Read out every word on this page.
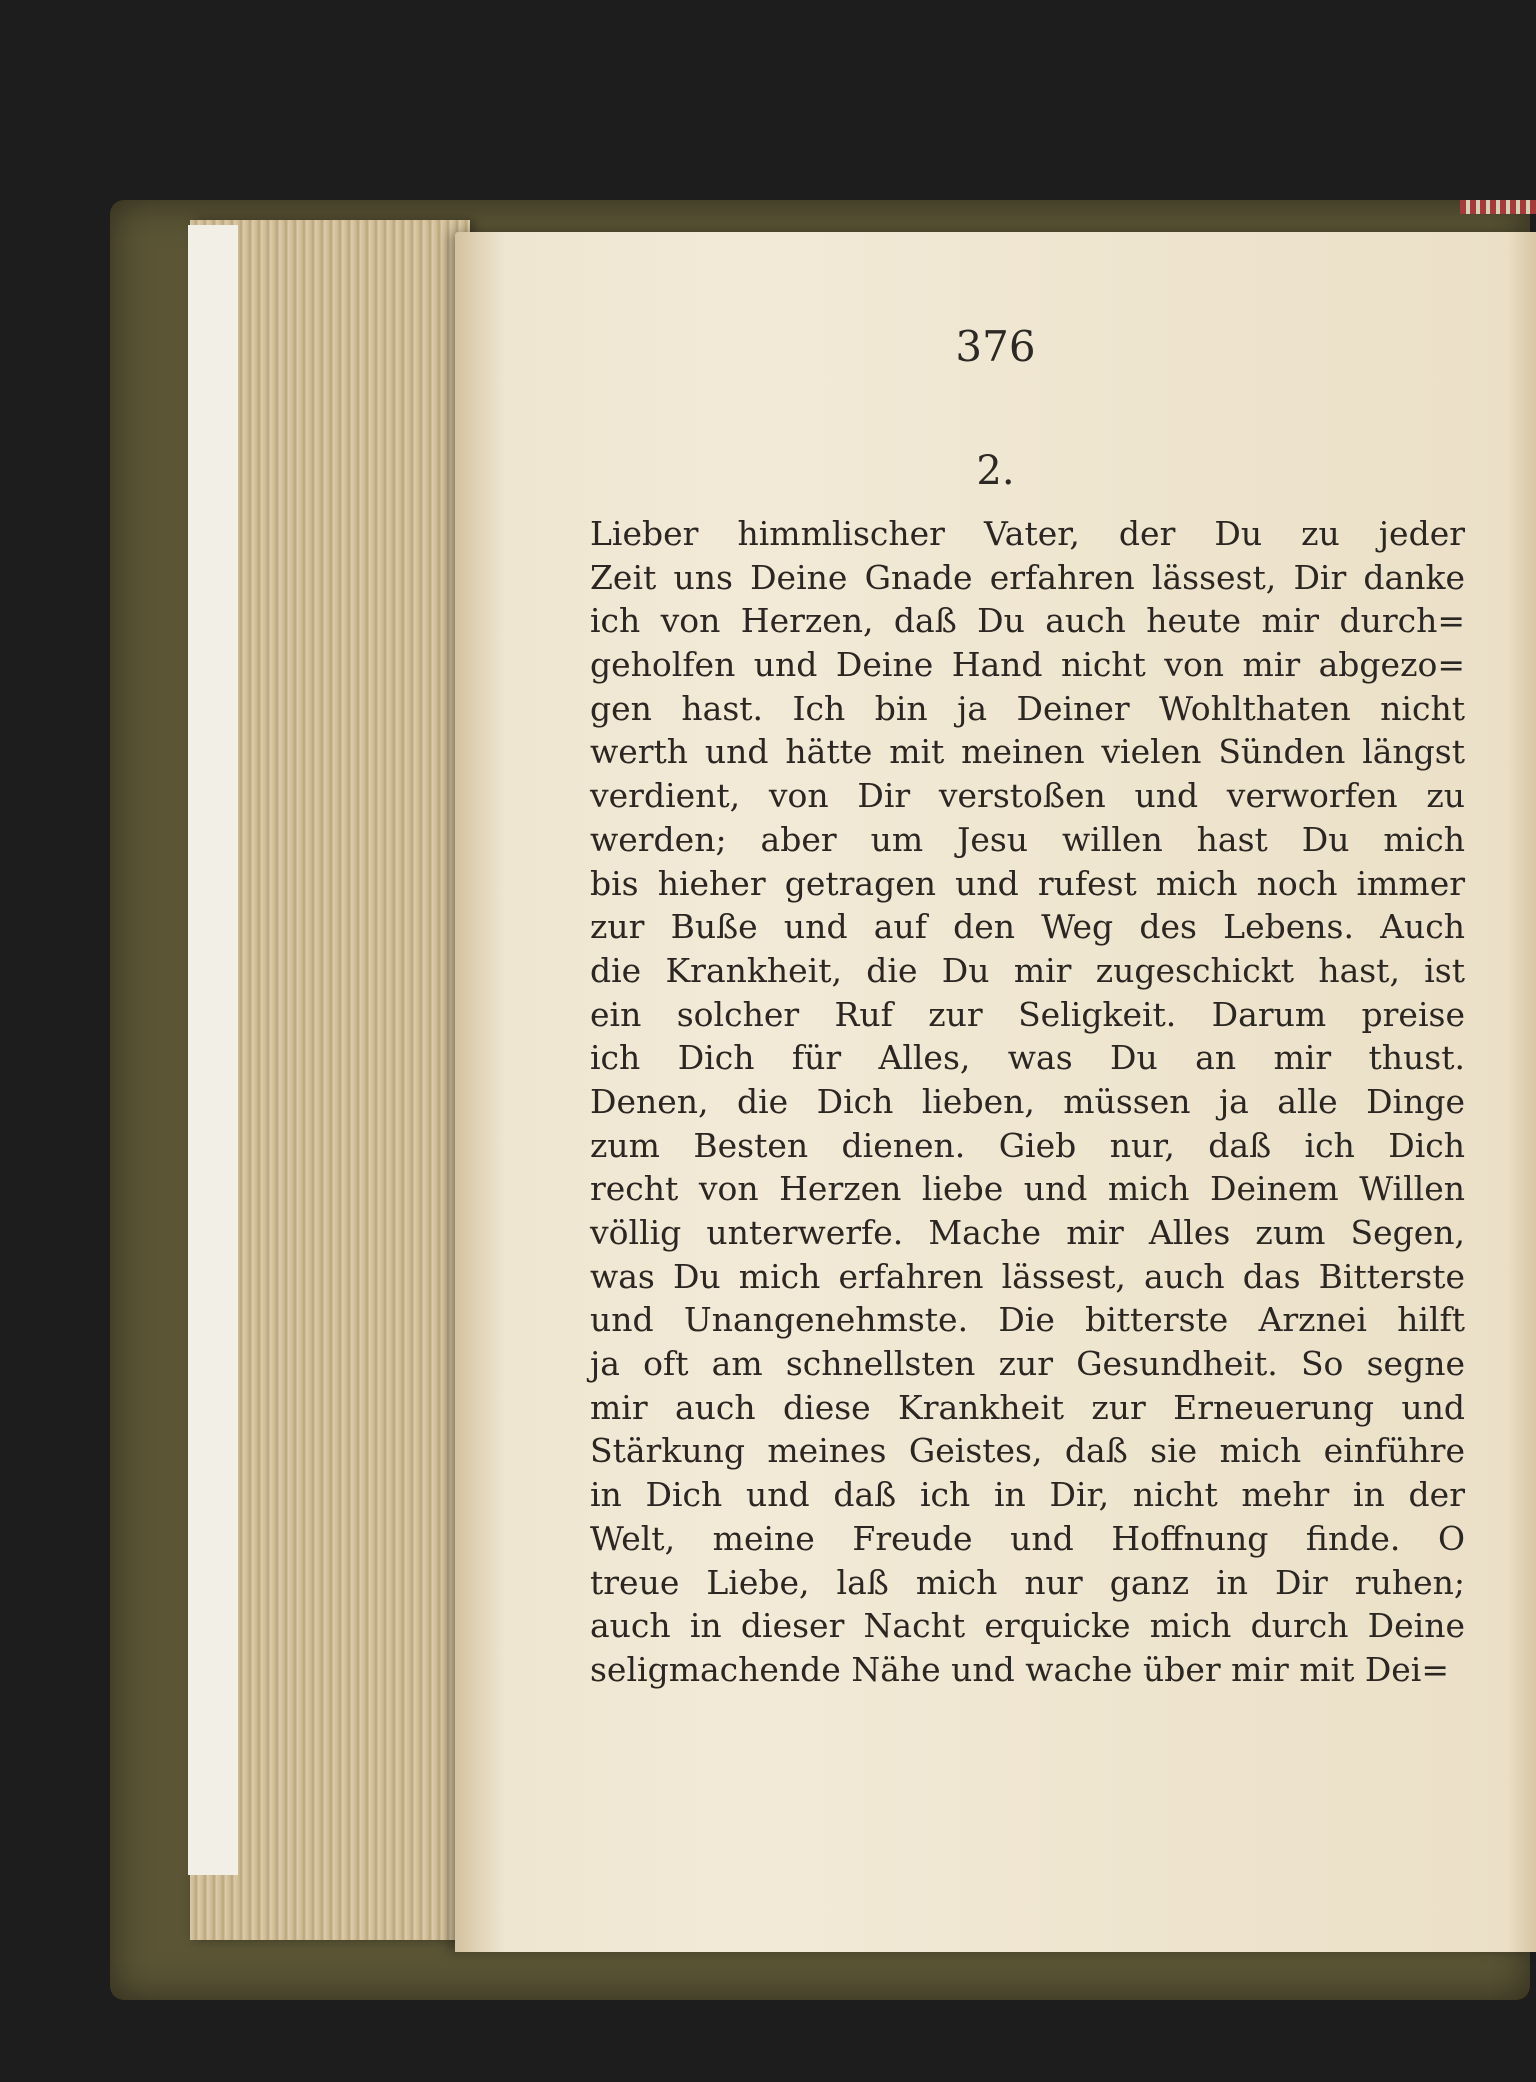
376
2.
Lieber himmlischer Vater, der Du zu jeder
Zeit uns Deine Gnade erfahren lässest, Dir danke
ich von Herzen, daß Du auch heute mir durch=
geholfen und Deine Hand nicht von mir abgezo=
gen hast. Ich bin ja Deiner Wohlthaten nicht
werth und hätte mit meinen vielen Sünden längst
verdient, von Dir verstoßen und verworfen zu
werden; aber um Jesu willen hast Du mich
bis hieher getragen und rufest mich noch immer
zur Buße und auf den Weg des Lebens. Auch
die Krankheit, die Du mir zugeschickt hast, ist
ein solcher Ruf zur Seligkeit. Darum preise
ich Dich für Alles, was Du an mir thust.
Denen, die Dich lieben, müssen ja alle Dinge
zum Besten dienen. Gieb nur, daß ich Dich
recht von Herzen liebe und mich Deinem Willen
völlig unterwerfe. Mache mir Alles zum Segen,
was Du mich erfahren lässest, auch das Bitterste
und Unangenehmste. Die bitterste Arznei hilft
ja oft am schnellsten zur Gesundheit. So segne
mir auch diese Krankheit zur Erneuerung und
Stärkung meines Geistes, daß sie mich einführe
in Dich und daß ich in Dir, nicht mehr in der
Welt, meine Freude und Hoffnung finde. O
treue Liebe, laß mich nur ganz in Dir ruhen;
auch in dieser Nacht erquicke mich durch Deine
seligmachende Nähe und wache über mir mit Dei=
